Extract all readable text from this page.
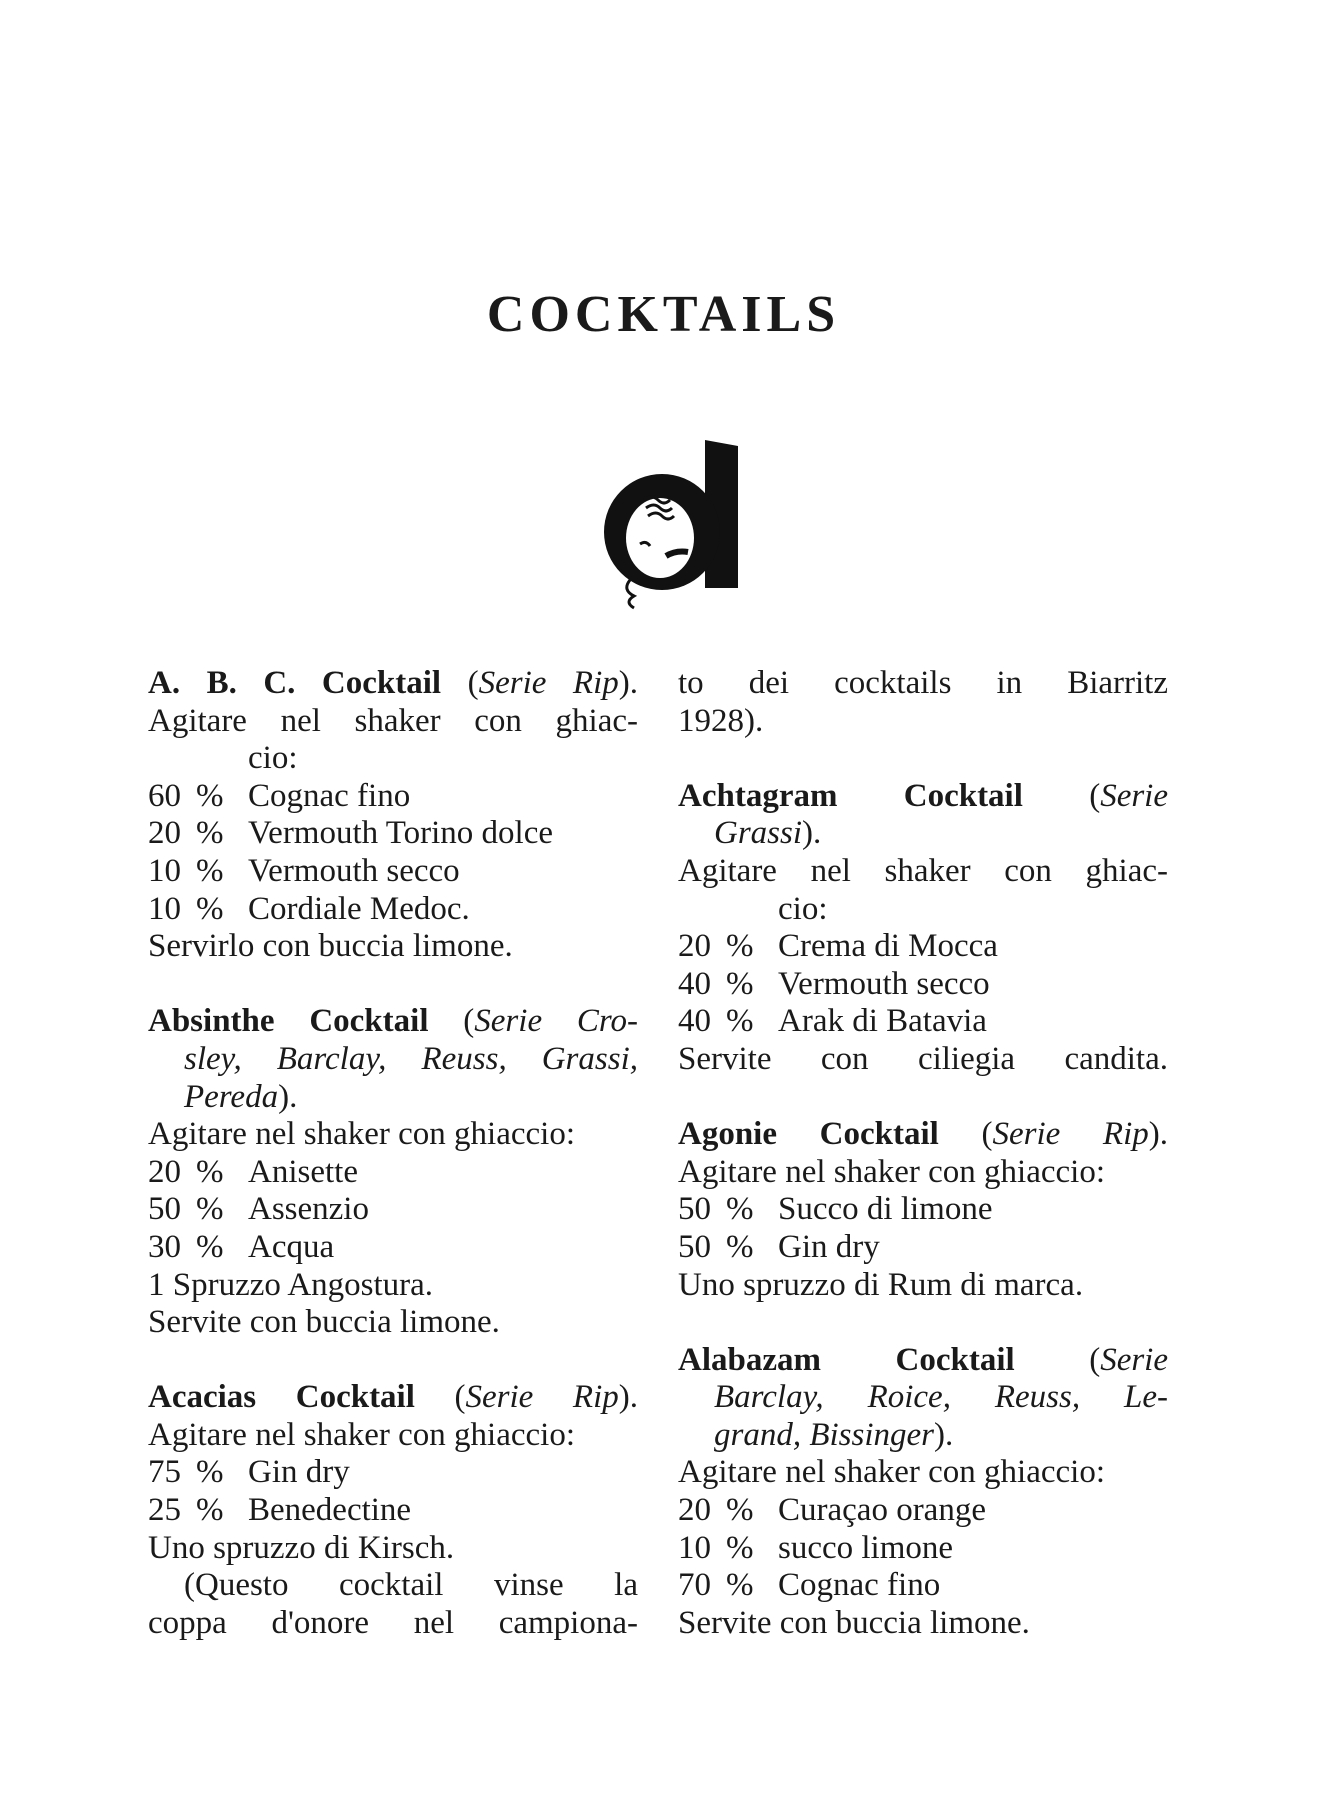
COCKTAILS
A. B. C. Cocktail (Serie Rip).
Agitare nel shaker con ghiac-
cio:
60 % Cognac fino
20 % Vermouth Torino dolce
10 % Vermouth secco
10 % Cordiale Medoc.
Servirlo con buccia limone.
Absinthe Cocktail (Serie Cro-
sley, Barclay, Reuss, Grassi,
Pereda).
Agitare nel shaker con ghiaccio:
20 % Anisette
50 % Assenzio
30 % Acqua
1 Spruzzo Angostura.
Servite con buccia limone.
Acacias Cocktail (Serie Rip).
Agitare nel shaker con ghiaccio:
75 % Gin dry
25 % Benedectine
Uno spruzzo di Kirsch.
(Questo cocktail vinse la
coppa d'onore nel campiona-
to dei cocktails in Biarritz
1928).
Achtagram Cocktail (Serie
Grassi).
Agitare nel shaker con ghiac-
cio:
20 % Crema di Mocca
40 % Vermouth secco
40 % Arak di Batavia
Servite con ciliegia candita.
Agonie Cocktail (Serie Rip).
Agitare nel shaker con ghiaccio:
50 % Succo di limone
50 % Gin dry
Uno spruzzo di Rum di marca.
Alabazam Cocktail (Serie
Barclay, Roice, Reuss, Le-
grand, Bissinger).
Agitare nel shaker con ghiaccio:
20 % Curaçao orange
10 % succo limone
70 % Cognac fino
Servite con buccia limone.
